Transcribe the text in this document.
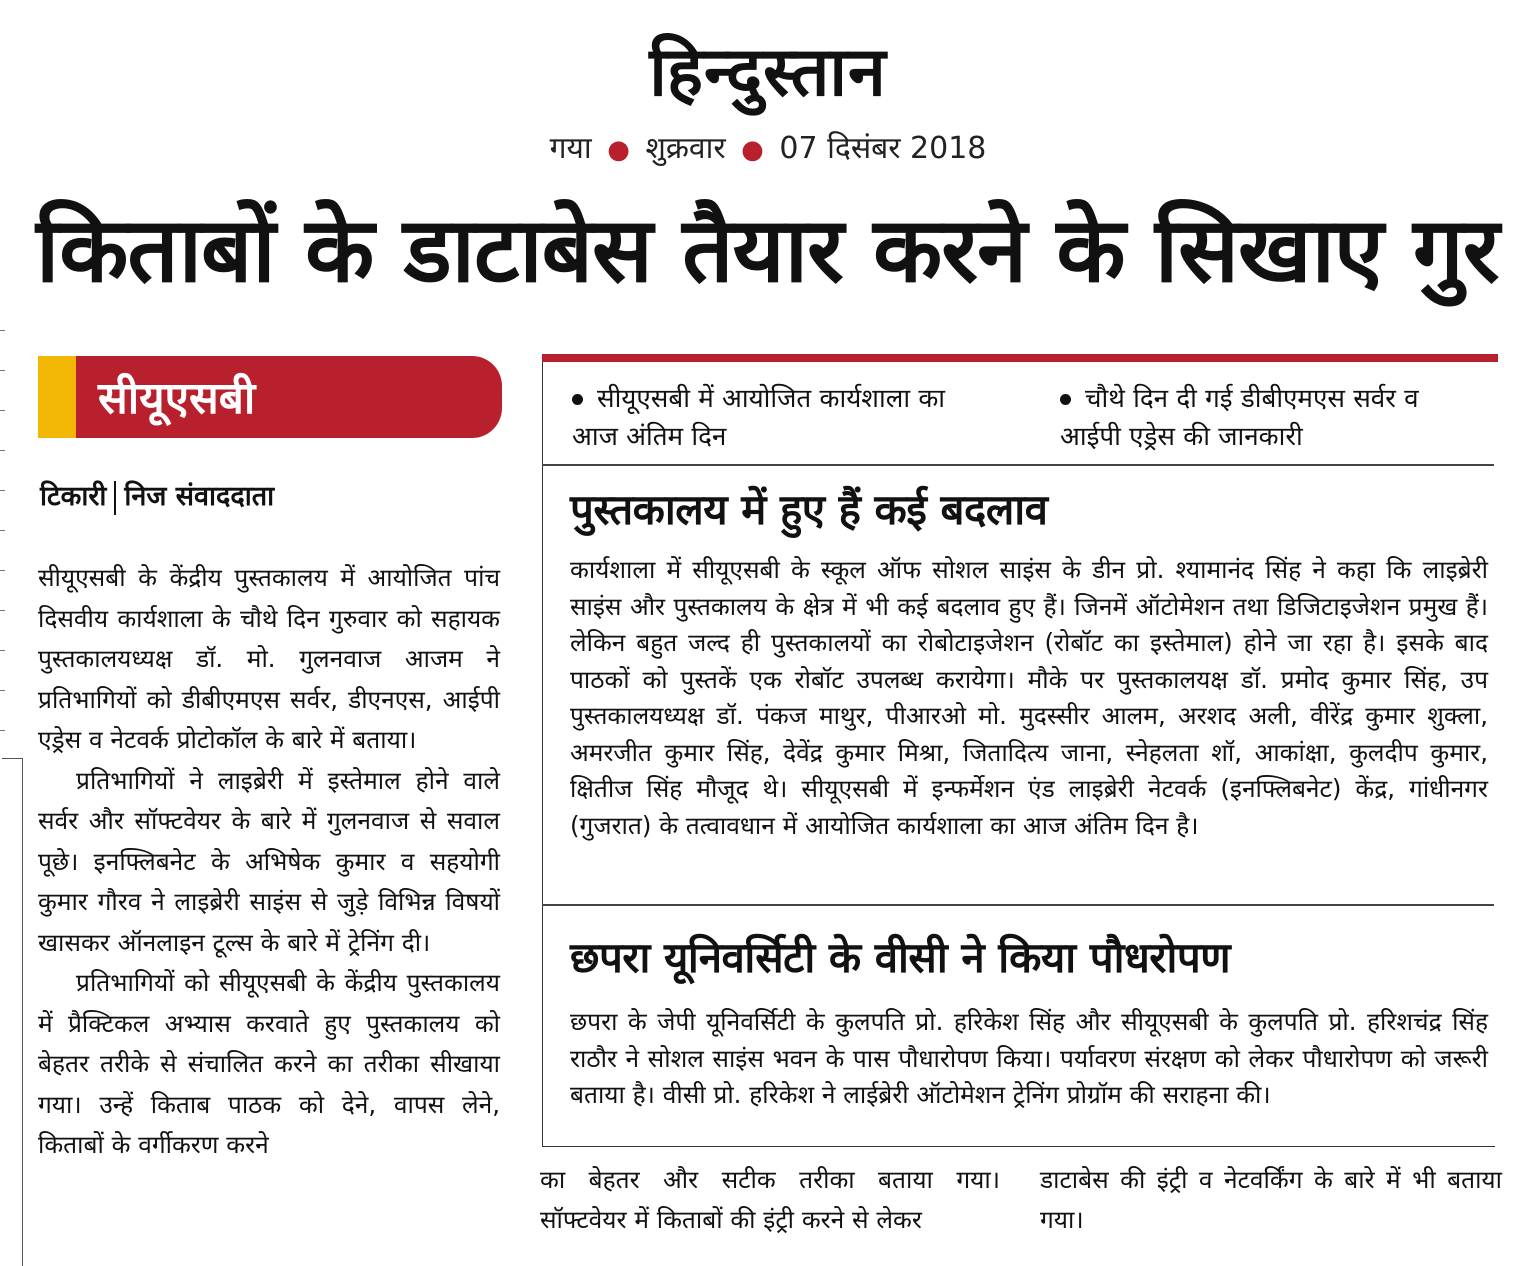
हिन्दुस्तान
गया ● शुक्रवार ● 07 दिसंबर 2018
किताबों के डाटाबेस तैयार करने के सिखाए गुर
सीयूएसबी
टिकारी निज संवाददाता

सीयूएसबी के केंद्रीय पुस्तकालय में आयोजित पांच दिसवीय कार्यशाला के चौथे दिन गुरुवार को सहायक पुस्तकालयध्यक्ष डॉ. मो. गुलनवाज आजम ने प्रतिभागियों को डीबीएमएस सर्वर, डीएनएस, आईपी एड्रेस व नेटवर्क प्रोटोकॉल के बारे में बताया।

प्रतिभागियों ने लाइब्रेरी में इस्तेमाल होने वाले सर्वर और सॉफ्टवेयर के बारे में गुलनवाज से सवाल पूछे। इनफ्लिबनेट के अभिषेक कुमार व सहयोगी कुमार गौरव ने लाइब्रेरी साइंस से जुड़े विभिन्न विषयों खासकर ऑनलाइन टूल्स के बारे में ट्रेनिंग दी।

प्रतिभागियों को सीयूएसबी के केंद्रीय पुस्तकालय में प्रैक्टिकल अभ्यास करवाते हुए पुस्तकालय को बेहतर तरीके से संचालित करने का तरीका सीखाया गया। उन्हें किताब पाठक को देने, वापस लेने, किताबों के वर्गीकरण करने

सीयूएसबी में आयोजित कार्यशाला का आज अंतिम दिन
चौथे दिन दी गई डीबीएमएस सर्वर व आईपी एड्रेस की जानकारी
पुस्तकालय में हुए हैं कई बदलाव
कार्यशाला में सीयूएसबी के स्कूल ऑफ सोशल साइंस के डीन प्रो. श्यामानंद सिंह ने कहा कि लाइब्रेरी साइंस और पुस्तकालय के क्षेत्र में भी कई बदलाव हुए हैं। जिनमें ऑटोमेशन तथा डिजिटाइजेशन प्रमुख हैं। लेकिन बहुत जल्द ही पुस्तकालयों का रोबोटाइजेशन (रोबॉट का इस्तेमाल) होने जा रहा है। इसके बाद पाठकों को पुस्तकें एक रोबॉट उपलब्ध करायेगा। मौके पर पुस्तकालयक्ष डॉ. प्रमोद कुमार सिंह, उप पुस्तकालयध्यक्ष डॉ. पंकज माथुर, पीआरओ मो. मुदस्सीर आलम, अरशद अली, वीरेंद्र कुमार शुक्ला, अमरजीत कुमार सिंह, देवेंद्र कुमार मिश्रा, जितादित्य जाना, स्नेहलता शॉ, आकांक्षा, कुलदीप कुमार, क्षितीज सिंह मौजूद थे। सीयूएसबी में इन्फर्मेशन एंड लाइब्रेरी नेटवर्क (इनफ्लिबनेट) केंद्र, गांधीनगर (गुजरात) के तत्वावधान में आयोजित कार्यशाला का आज अंतिम दिन है।
छपरा यूनिवर्सिटी के वीसी ने किया पौधरोपण
छपरा के जेपी यूनिवर्सिटी के कुलपति प्रो. हरिकेश सिंह और सीयूएसबी के कुलपति प्रो. हरिशचंद्र सिंह राठौर ने सोशल साइंस भवन के पास पौधारोपण किया। पर्यावरण संरक्षण को लेकर पौधारोपण को जरूरी बताया है। वीसी प्रो. हरिकेश ने लाईब्रेरी ऑटोमेशन ट्रेनिंग प्रोग्रॉम की सराहना की।
का बेहतर और सटीक तरीका बताया गया। सॉफ्टवेयर में किताबों की इंट्री करने से लेकर
डाटाबेस की इंट्री व नेटवर्किंग के बारे में भी बताया गया।
